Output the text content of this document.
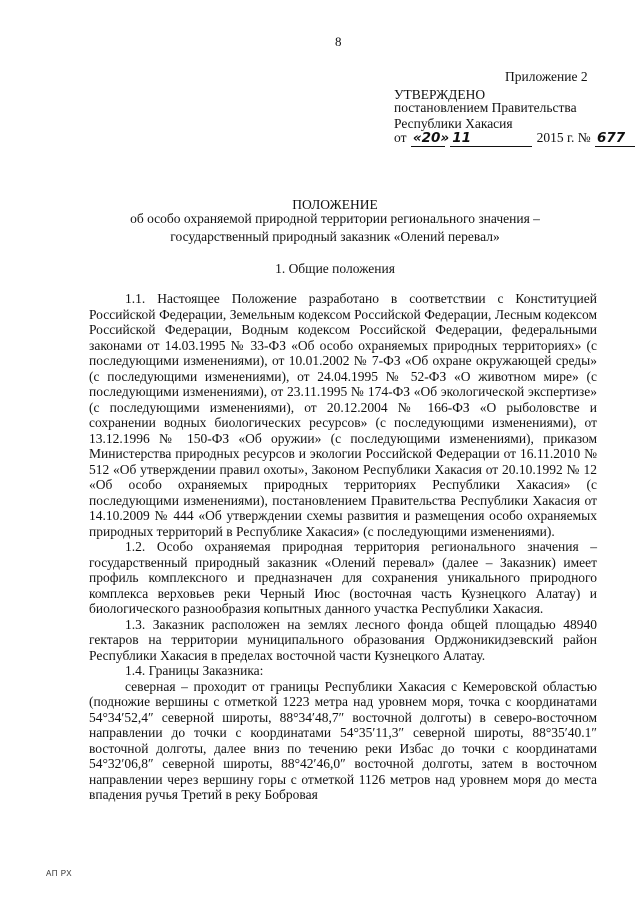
8
Приложение 2
УТВЕРЖДЕНО
постановлением Правительства
Республики Хакасия
от «20» 11	2015 г. № 677
ПОЛОЖЕНИЕ
об особо охраняемой природной территории регионального значения –
государственный природный заказник «Олений перевал»
1. Общие положения

1.1. Настоящее Положение разработано в соответствии с Конституцией Российской Федерации, Земельным кодексом Российской Федерации, Лесным кодексом Российской Федерации, Водным кодексом Российской Федерации, федеральными законами от 14.03.1995 № 33-ФЗ «Об особо охраняемых природных территориях» (с последующими изменениями), от 10.01.2002 № 7-ФЗ «Об охране окружающей среды» (с последующими изменениями), от 24.04.1995 № 52-ФЗ «О животном мире» (с последующими изменениями), от 23.11.1995 № 174-ФЗ «Об экологической экспертизе» (с последующими изменениями), от 20.12.2004 № 166-ФЗ «О рыболовстве и сохранении водных биологических ресурсов» (с последующими изменениями), от 13.12.1996 № 150-ФЗ «Об оружии» (с последующими изменениями), приказом Министерства природных ресурсов и экологии Российской Федерации от 16.11.2010 № 512 «Об утверждении правил охоты», Законом Республики Хакасия от 20.10.1992 № 12 «Об особо охраняемых природных территориях Республики Хакасия» (с последующими изменениями), постановлением Правительства Республики Хакасия от 14.10.2009 № 444 «Об утверждении схемы развития и размещения особо охраняемых природных территорий в Республике Хакасия» (с последующими изменениями).

1.2. Особо охраняемая природная территория регионального значения – государственный природный заказник «Олений перевал» (далее – Заказник) имеет профиль комплексного и предназначен для сохранения уникального природного комплекса верховьев реки Черный Июс (восточная часть Кузнецкого Алатау) и биологического разнообразия копытных данного участка Республики Хакасия.

1.3. Заказник расположен на землях лесного фонда общей площадью 48940 гектаров на территории муниципального образования Орджоникидзевский район Республики Хакасия в пределах восточной части Кузнецкого Алатау.

1.4. Границы Заказника:

северная – проходит от границы Республики Хакасия с Кемеровской областью (подножие вершины с отметкой 1223 метра над уровнем моря, точка с координатами 54°34′52,4″ северной широты, 88°34′48,7″ восточной долготы) в северо-восточном направлении до точки с координатами 54°35′11,3″ северной широты, 88°35′40.1″ восточной долготы, далее вниз по течению реки Избас до точки с координатами 54°32′06,8″ северной широты, 88°42′46,0″ восточной долготы, затем в восточном направлении через вершину горы с отметкой 1126 метров над уровнем моря до места впадения ручья Третий в реку Бобровая

АП РХ
